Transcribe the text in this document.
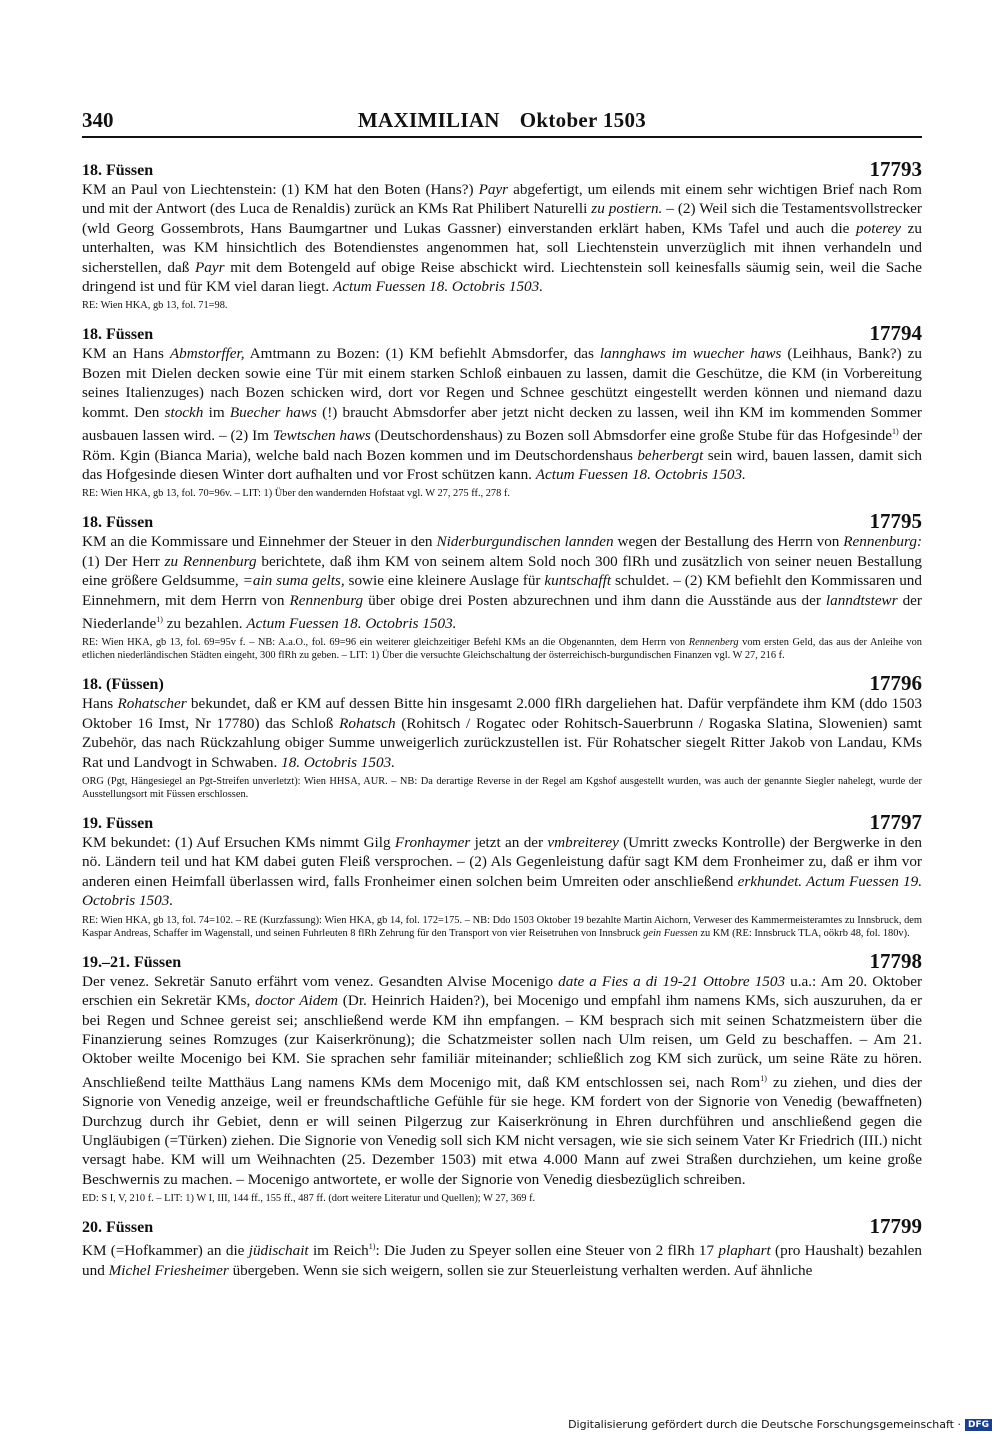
340	MAXIMILIAN Oktober 1503
18. Füssen	17793

KM an Paul von Liechtenstein: (1) KM hat den Boten (Hans?) Payr abgefertigt, um eilends mit einem sehr wichtigen Brief nach Rom und mit der Antwort (des Luca de Renaldis) zurück an KMs Rat Philibert Naturelli zu postiern. – (2) Weil sich die Testamentsvollstrecker (wld Georg Gossembrots, Hans Baumgartner und Lukas Gassner) einverstanden erklärt haben, KMs Tafel und auch die poterey zu unterhalten, was KM hinsichtlich des Botendienstes angenommen hat, soll Liechtenstein unverzüglich mit ihnen verhandeln und sicherstellen, daß Payr mit dem Botengeld auf obige Reise abschickt wird. Liechtenstein soll keinesfalls säumig sein, weil die Sache dringend ist und für KM viel daran liegt. Actum Fuessen 18. Octobris 1503.

RE: Wien HKA, gb 13, fol. 71=98.
18. Füssen	17794

KM an Hans Abmstorffer, Amtmann zu Bozen: (1) KM befiehlt Abmsdorfer, das lannghaws im wuecher haws (Leihhaus, Bank?) zu Bozen mit Dielen decken sowie eine Tür mit einem starken Schloß einbauen zu lassen, damit die Geschütze, die KM (in Vorbereitung seines Italienzuges) nach Bozen schicken wird, dort vor Regen und Schnee geschützt eingestellt werden können und niemand dazu kommt. Den stockh im Buecher haws (!) braucht Abmsdorfer aber jetzt nicht decken zu lassen, weil ihn KM im kommenden Sommer ausbauen lassen wird. – (2) Im Tewtschen haws (Deutschordenshaus) zu Bozen soll Abmsdorfer eine große Stube für das Hofgesinde$^{1)}$ der Röm. Kgin (Bianca Maria), welche bald nach Bozen kommen und im Deutschordenshaus beherbergt sein wird, bauen lassen, damit sich das Hofgesinde diesen Winter dort aufhalten und vor Frost schützen kann. Actum Fuessen 18. Octobris 1503.

RE: Wien HKA, gb 13, fol. 70=96v. – LIT: 1) Über den wandernden Hofstaat vgl. W 27, 275 ff., 278 f.
18. Füssen	17795

KM an die Kommissare und Einnehmer der Steuer in den Niderburgundischen lannden wegen der Bestallung des Herrn von Rennenburg: (1) Der Herr zu Rennenburg berichtete, daß ihm KM von seinem altem Sold noch 300 flRh und zusätzlich von seiner neuen Bestallung eine größere Geldsumme, =ain suma gelts, sowie eine kleinere Auslage für kuntschafft schuldet. – (2) KM befiehlt den Kommissaren und Einnehmern, mit dem Herrn von Rennenburg über obige drei Posten abzurechnen und ihm dann die Ausstände aus der lanndtstewr der Niederlande$^{1)}$ zu bezahlen. Actum Fuessen 18. Octobris 1503.

RE: Wien HKA, gb 13, fol. 69=95v f. – NB: A.a.O., fol. 69=96 ein weiterer gleichzeitiger Befehl KMs an die Obgenannten, dem Herrn von Rennenberg vom ersten Geld, das aus der Anleihe von etlichen niederländischen Städten eingeht, 300 flRh zu geben. – LIT: 1) Über die versuchte Gleichschaltung der österreichisch-burgundischen Finanzen vgl. W 27, 216 f.
18. (Füssen)	17796

Hans Rohatscher bekundet, daß er KM auf dessen Bitte hin insgesamt 2.000 flRh dargeliehen hat. Dafür verpfändete ihm KM (ddo 1503 Oktober 16 Imst, Nr 17780) das Schloß Rohatsch (Rohitsch / Rogatec oder Rohitsch-Sauerbrunn / Rogaska Slatina, Slowenien) samt Zubehör, das nach Rückzahlung obiger Summe unweigerlich zurückzustellen ist. Für Rohatscher siegelt Ritter Jakob von Landau, KMs Rat und Landvogt in Schwaben. 18. Octobris 1503.

ORG (Pgt, Hängesiegel an Pgt-Streifen unverletzt): Wien HHSA, AUR. – NB: Da derartige Reverse in der Regel am Kgshof ausgestellt wurden, was auch der genannte Siegler nahelegt, wurde der Ausstellungsort mit Füssen erschlossen.
19. Füssen	17797

KM bekundet: (1) Auf Ersuchen KMs nimmt Gilg Fronhaymer jetzt an der vmbreiterey (Umritt zwecks Kontrolle) der Bergwerke in den nö. Ländern teil und hat KM dabei guten Fleiß versprochen. – (2) Als Gegenleistung dafür sagt KM dem Fronheimer zu, daß er ihm vor anderen einen Heimfall überlassen wird, falls Fronheimer einen solchen beim Umreiten oder anschließend erkhundet. Actum Fuessen 19. Octobris 1503.

RE: Wien HKA, gb 13, fol. 74=102. – RE (Kurzfassung): Wien HKA, gb 14, fol. 172=175. – NB: Ddo 1503 Oktober 19 bezahlte Martin Aichorn, Verweser des Kammermeisteramtes zu Innsbruck, dem Kaspar Andreas, Schaffer im Wagenstall, und seinen Fuhrleuten 8 flRh Zehrung für den Transport von vier Reisetruhen von Innsbruck gein Fuessen zu KM (RE: Innsbruck TLA, oökrb 48, fol. 180v).
19.–21. Füssen	17798

Der venez. Sekretär Sanuto erfährt vom venez. Gesandten Alvise Mocenigo date a Fies a di 19-21 Ottobre 1503 u.a.: Am 20. Oktober erschien ein Sekretär KMs, doctor Aidem (Dr. Heinrich Haiden?), bei Mocenigo und empfahl ihm namens KMs, sich auszuruhen, da er bei Regen und Schnee gereist sei; anschließend werde KM ihn empfangen. – KM besprach sich mit seinen Schatzmeistern über die Finanzierung seines Romzuges (zur Kaiserkrönung); die Schatzmeister sollen nach Ulm reisen, um Geld zu beschaffen. – Am 21. Oktober weilte Mocenigo bei KM. Sie sprachen sehr familiär miteinander; schließlich zog KM sich zurück, um seine Räte zu hören. Anschließend teilte Matthäus Lang namens KMs dem Mocenigo mit, daß KM entschlossen sei, nach Rom$^{1)}$ zu ziehen, und dies der Signorie von Venedig anzeige, weil er freundschaftliche Gefühle für sie hege. KM fordert von der Signorie von Venedig (bewaffneten) Durchzug durch ihr Gebiet, denn er will seinen Pilgerzug zur Kaiserkrönung in Ehren durchführen und anschließend gegen die Ungläubigen (=Türken) ziehen. Die Signorie von Venedig soll sich KM nicht versagen, wie sie sich seinem Vater Kr Friedrich (III.) nicht versagt habe. KM will um Weihnachten (25. Dezember 1503) mit etwa 4.000 Mann auf zwei Straßen durchziehen, um keine große Beschwernis zu machen. – Mocenigo antwortete, er wolle der Signorie von Venedig diesbezüglich schreiben.

ED: S I, V, 210 f. – LIT: 1) W I, III, 144 ff., 155 ff., 487 ff. (dort weitere Literatur und Quellen); W 27, 369 f.
20. Füssen	17799

KM (=Hofkammer) an die jüdischait im Reich$^{1)}$: Die Juden zu Speyer sollen eine Steuer von 2 flRh 17 plaphart (pro Haushalt) bezahlen und Michel Friesheimer übergeben. Wenn sie sich weigern, sollen sie zur Steuerleistung verhalten werden. Auf ähnliche

Digitalisierung gefördert durch die Deutsche Forschungsgemeinschaft · DFG
